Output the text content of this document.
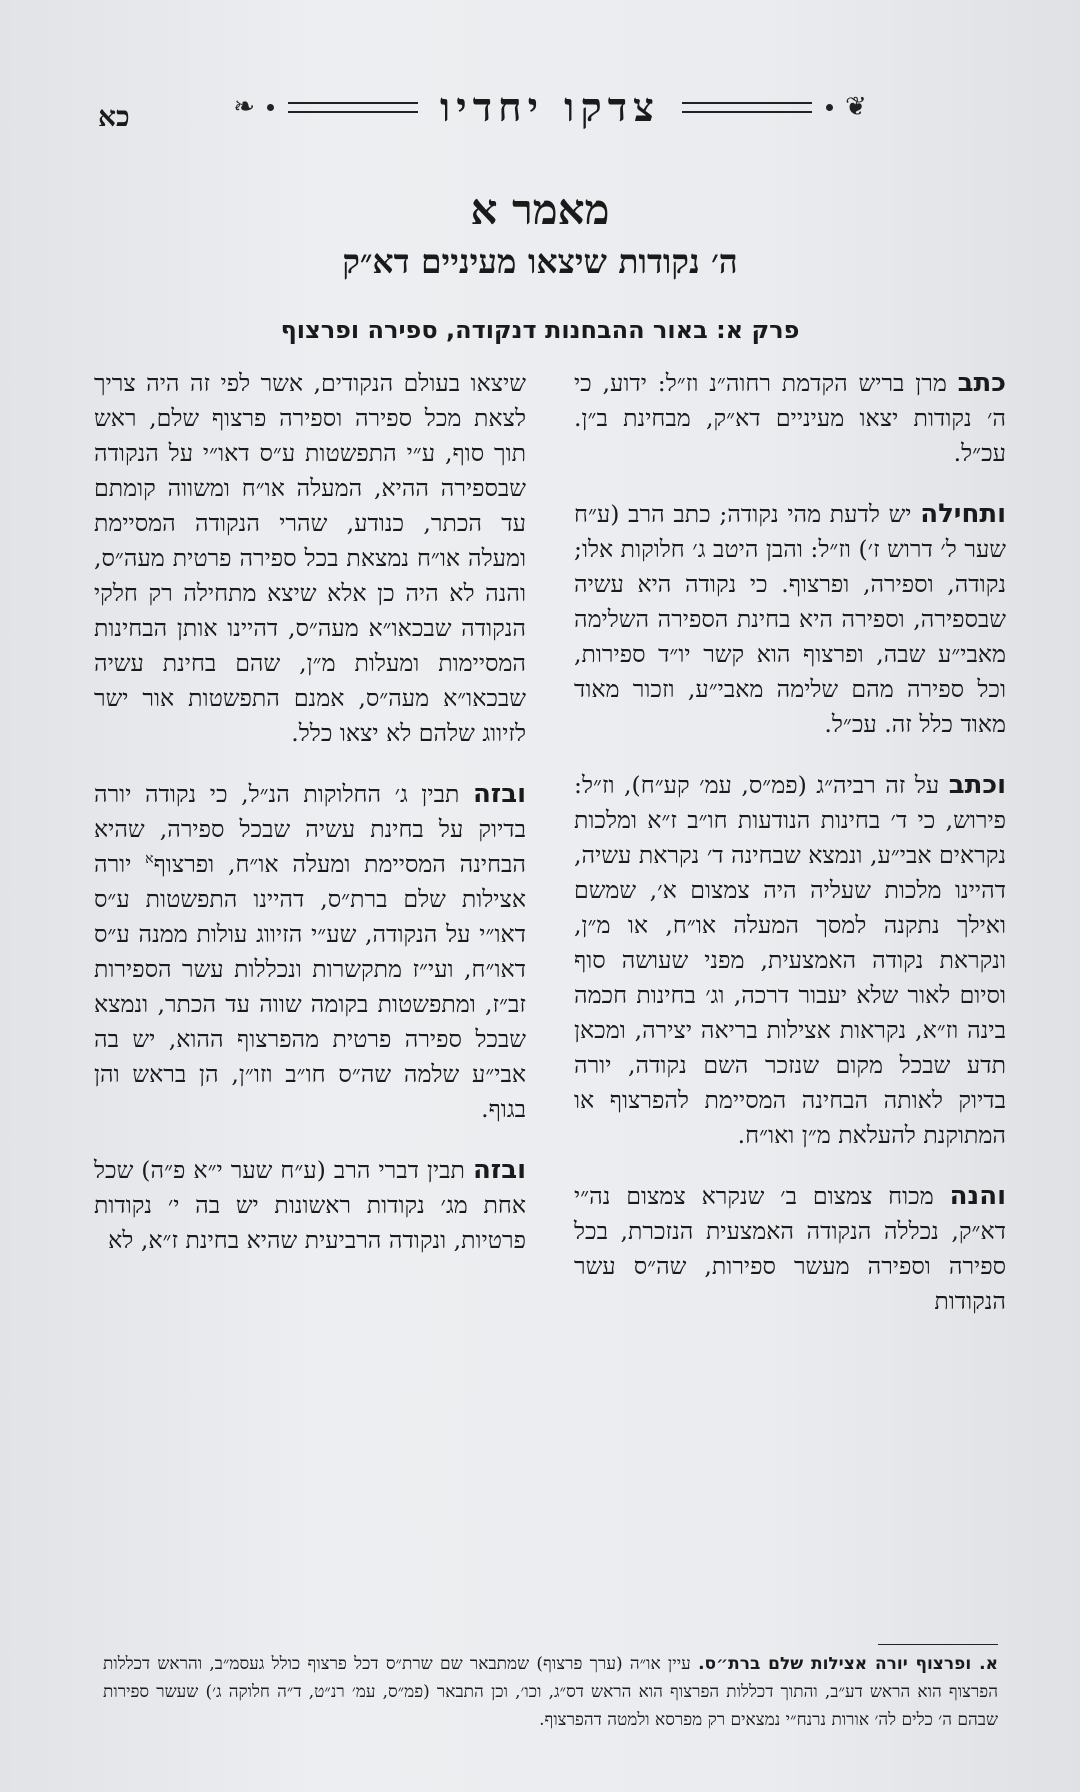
כא	❧	צדקו יחדיו	❦
מאמר א
ה׳ נקודות שיצאו מעיניים דא״ק
פרק א: באור ההבחנות דנקודה, ספירה ופרצוף

כתב מרן בריש הקדמת רחוה״נ וז״ל: ידוע, כי ה׳ נקודות יצאו מעיניים דא״ק, מבחינת ב״ן. עכ״ל.

ותחילה יש לדעת מהי נקודה; כתב הרב (ע״ח שער ל׳ דרוש ז׳) וז״ל: והבן היטב ג׳ חלוקות אלו; נקודה, וספירה, ופרצוף. כי נקודה היא עשיה שבספירה, וספירה היא בחינת הספירה השלימה מאבי״ע שבה, ופרצוף הוא קשר יו״ד ספירות, וכל ספירה מהם שלימה מאבי״ע, וזכור מאוד מאוד כלל זה. עכ״ל.

וכתב על זה רביה״ג (פמ״ס, עמ׳ קע״ח), וז״ל: פירוש, כי ד׳ בחינות הנודעות חו״ב ז״א ומלכות נקראים אבי״ע, ונמצא שבחינה ד׳ נקראת עשיה, דהיינו מלכות שעליה היה צמצום א׳, שמשם ואילך נתקנה למסך המעלה או״ח, או מ״ן, ונקראת נקודה האמצעית, מפני שעושה סוף וסיום לאור שלא יעבור דרכה, וג׳ בחינות חכמה בינה וז״א, נקראות אצילות בריאה יצירה, ומכאן תדע שבכל מקום שנזכר השם נקודה, יורה בדיוק לאותה הבחינה המסיימת להפרצוף או המתוקנת להעלאת מ״ן ואו״ח.

והנה מכוח צמצום ב׳ שנקרא צמצום נה״י דא״ק, נכללה הנקודה האמצעית הנזכרת, בכל ספירה וספירה מעשר ספירות, שה״ס עשר הנקודות

שיצאו בעולם הנקודים, אשר לפי זה היה צריך לצאת מכל ספירה וספירה פרצוף שלם, ראש תוך סוף, ע״י התפשטות ע״ס דאו״י על הנקודה שבספירה ההיא, המעלה או״ח ומשווה קומתם עד הכתר, כנודע, שהרי הנקודה המסיימת ומעלה או״ח נמצאת בכל ספירה פרטית מעה״ס, והנה לא היה כן אלא שיצא מתחילה רק חלקי הנקודה שבכאו״א מעה״ס, דהיינו אותן הבחינות המסיימות ומעלות מ״ן, שהם בחינת עשיה שבכאו״א מעה״ס, אמנם התפשטות אור ישר לזיווג שלהם לא יצאו כלל.

ובזה תבין ג׳ החלוקות הנ״ל, כי נקודה יורה בדיוק על בחינת עשיה שבכל ספירה, שהיא הבחינה המסיימת ומעלה או״ח, ופרצוף$^א$ יורה אצילות שלם ברת״ס, דהיינו התפשטות ע״ס דאו״י על הנקודה, שע״י הזיווג עולות ממנה ע״ס דאו״ח, ועי״ז מתקשרות ונכללות עשר הספירות זב״ז, ומתפשטות בקומה שווה עד הכתר, ונמצא שבכל ספירה פרטית מהפרצוף ההוא, יש בה אבי״ע שלמה שה״ס חו״ב וזו״ן, הן בראש והן בגוף.

ובזה תבין דברי הרב (ע״ח שער י״א פ״ה) שכל אחת מג׳ נקודות ראשונות יש בה י׳ נקודות פרטיות, ונקודה הרביעית שהיא בחינת ז״א, לא

א.ופרצוף יורה אצילות שלם ברת״ס. עיין או״ה (ערך פרצוף) שמתבאר שם שרת״ס דכל פרצוף כולל געסמ״ב, והראש דכללות הפרצוף הוא הראש דע״ב, והתוך דכללות הפרצוף הוא הראש דס״ג, וכו׳, וכן התבאר (פמ״ס, עמ׳ רנ״ט, ד״ה חלוקה ג׳) שעשר ספירות שבהם ה׳ כלים לה׳ אורות נרנח״י נמצאים רק מפרסא ולמטה דהפרצוף.
